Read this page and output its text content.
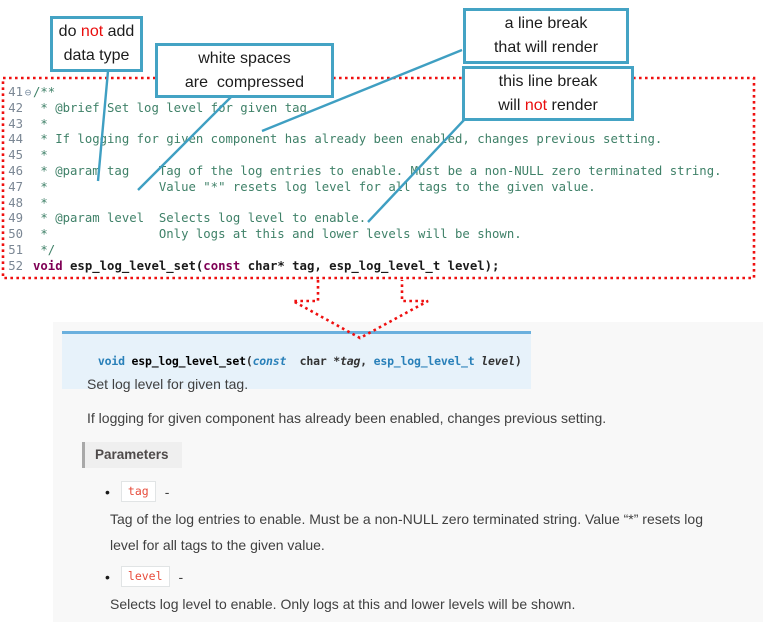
do not add
data type	white spaces
are  compressed
a line break
that will render
this line break
will not render
41 ⊖ /**
42 * @brief Set log level for given tag
43 *
44 * If logging for given component has already been enabled, changes previous setting.
45 *
46 * @param tag    Tag of the log entries to enable. Must be a non-NULL zero terminated string.
47 *               Value "*" resets log level for all tags to the given value.
48 *
49 * @param level  Selects log level to enable.
50 *               Only logs at this and lower levels will be shown.
51 */
52 void esp_log_level_set(const char* tag, esp_log_level_t level);

void esp_log_level_set(const  char *tag, esp_log_level_t level)

Set log level for given tag.
If logging for given component has already been enabled, changes previous setting.
Parameters
•	tag	-
Tag of the log entries to enable. Must be a non-NULL zero terminated string. Value “*” resets log level for all tags to the given value.
•	level	-
Selects log level to enable. Only logs at this and lower levels will be shown.
